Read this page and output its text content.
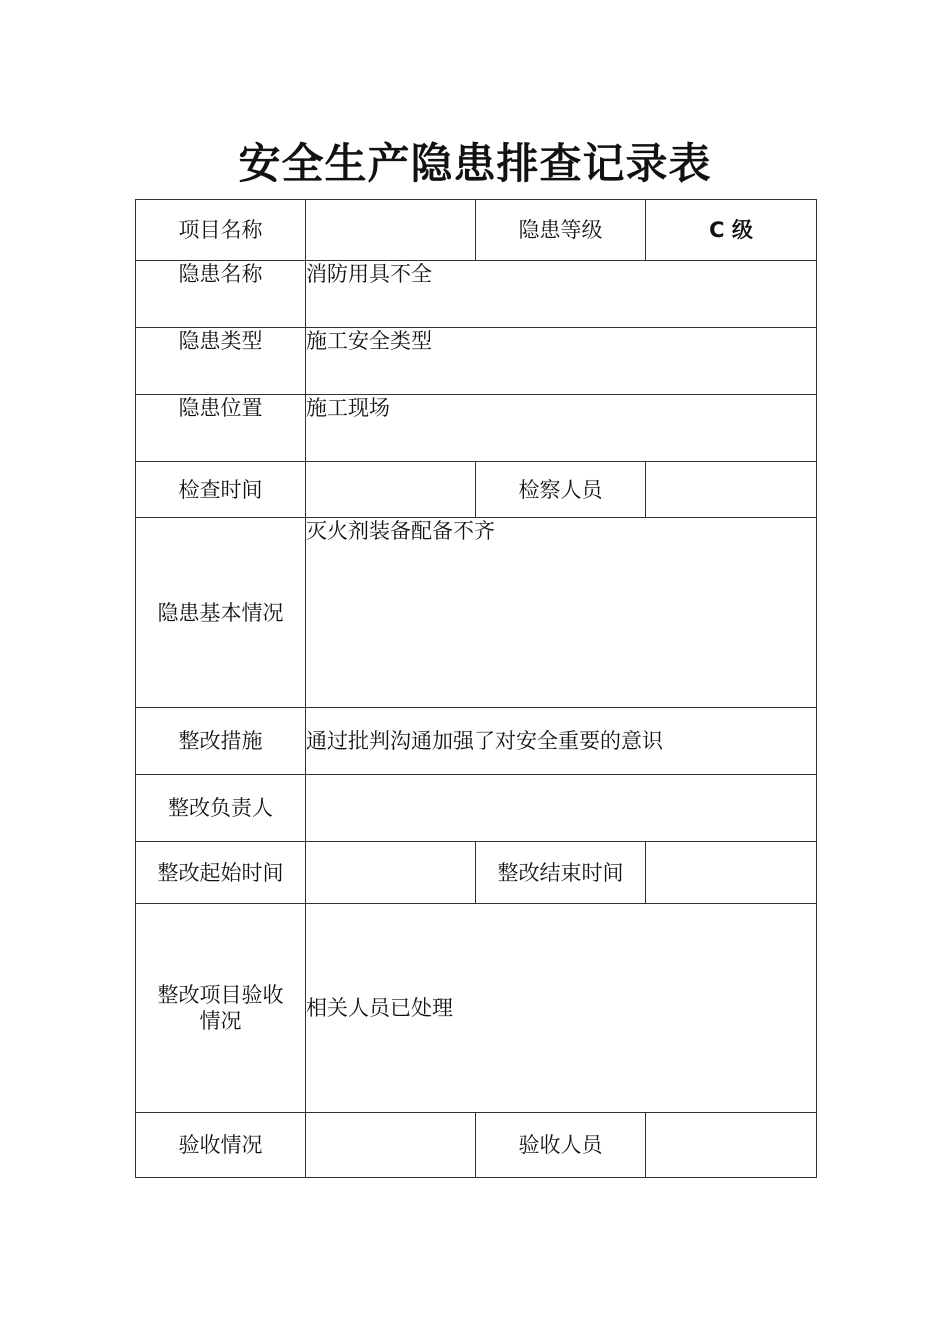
安全生产隐患排查记录表
项目名称		隐患等级	C 级
隐患名称	消防用具不全		
隐患类型	施工安全类型		
隐患位置	施工现场		
检查时间		检察人员	
隐患基本情况	灭火剂装备配备不齐		
整改措施	通过批判沟通加强了对安全重要的意识		
整改负责人			
整改起始时间		整改结束时间	

整改项目验收
情况	相关人员已处理		
验收情况		验收人员	
